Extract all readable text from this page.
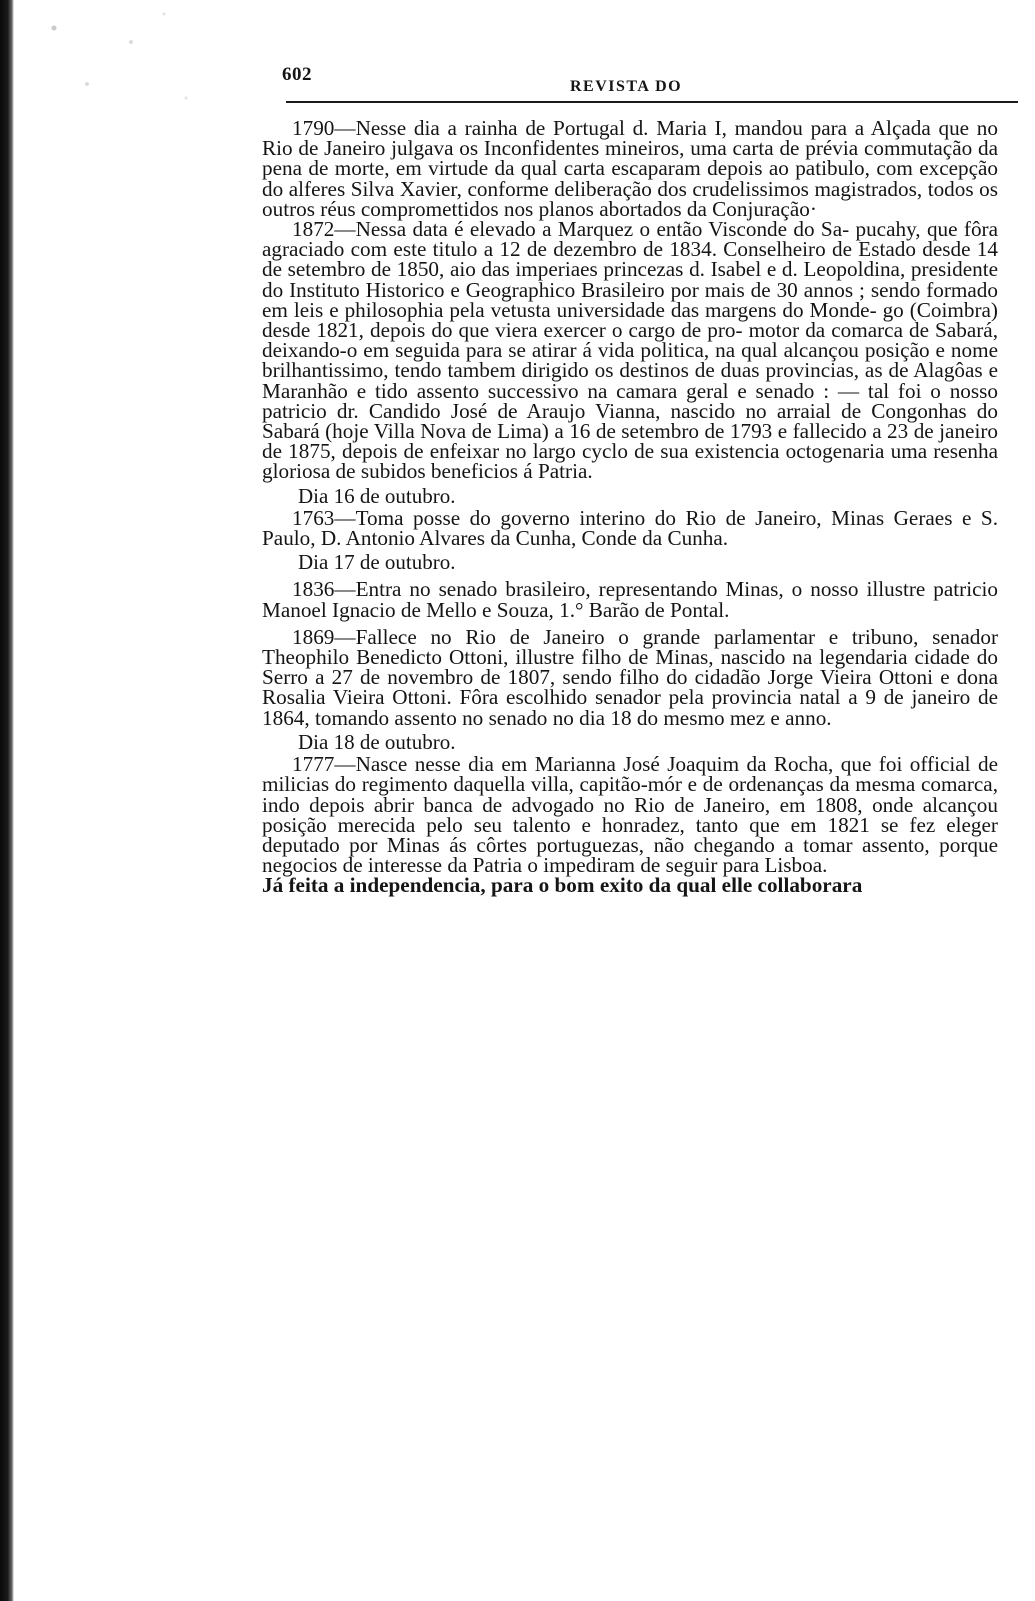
602
REVISTA DO

1790—Nesse dia a rainha de Portugal d. Maria I, mandou para a Alçada que no Rio de Janeiro julgava os Inconfidentes mineiros, uma carta de prévia commutação da pena de morte, em virtude da qual carta escaparam depois ao patibulo, com excepção do alferes Silva Xavier, conforme deliberação dos crudelissimos magistrados, todos os outros réus compromettidos nos planos abortados da Conjuração·

1872—Nessa data é elevado a Marquez o então Visconde do Sa- pucahy, que fôra agraciado com este titulo a 12 de dezembro de 1834. Conselheiro de Estado desde 14 de setembro de 1850, aio das imperiaes princezas d. Isabel e d. Leopoldina, presidente do Instituto Historico e Geographico Brasileiro por mais de 30 annos ; sendo formado em leis e philosophia pela vetusta universidade das margens do Monde- go (Coimbra) desde 1821, depois do que viera exercer o cargo de pro- motor da comarca de Sabará, deixando-o em seguida para se atirar á vida politica, na qual alcançou posição e nome brilhantissimo, tendo tambem dirigido os destinos de duas provincias, as de Alagôas e Maranhão e tido assento successivo na camara geral e senado : — tal foi o nosso patricio dr. Candido José de Araujo Vianna, nascido no arraial de Congonhas do Sabará (hoje Villa Nova de Lima) a 16 de setembro de 1793 e fallecido a 23 de janeiro de 1875, depois de enfeixar no largo cyclo de sua existencia octogenaria uma resenha gloriosa de subidos beneficios á Patria.

Dia 16 de outubro.

1763—Toma posse do governo interino do Rio de Janeiro, Minas Geraes e S. Paulo, D. Antonio Alvares da Cunha, Conde da Cunha.

Dia 17 de outubro.

1836—Entra no senado brasileiro, representando Minas, o nosso illustre patricio Manoel Ignacio de Mello e Souza, 1.° Barão de Pontal.

1869—Fallece no Rio de Janeiro o grande parlamentar e tribuno, senador Theophilo Benedicto Ottoni, illustre filho de Minas, nascido na legendaria cidade do Serro a 27 de novembro de 1807, sendo filho do cidadão Jorge Vieira Ottoni e dona Rosalia Vieira Ottoni. Fôra escolhido senador pela provincia natal a 9 de janeiro de 1864, tomando assento no senado no dia 18 do mesmo mez e anno.

Dia 18 de outubro.

1777—Nasce nesse dia em Marianna José Joaquim da Rocha, que foi official de milicias do regimento daquella villa, capitão-mór e de ordenanças da mesma comarca, indo depois abrir banca de advogado no Rio de Janeiro, em 1808, onde alcançou posição merecida pelo seu talento e honradez, tanto que em 1821 se fez eleger deputado por Minas ás côrtes portuguezas, não chegando a tomar assento, porque negocios de interesse da Patria o impediram de seguir para Lisboa.

Já feita a independencia, para o bom exito da qual elle collaborara
